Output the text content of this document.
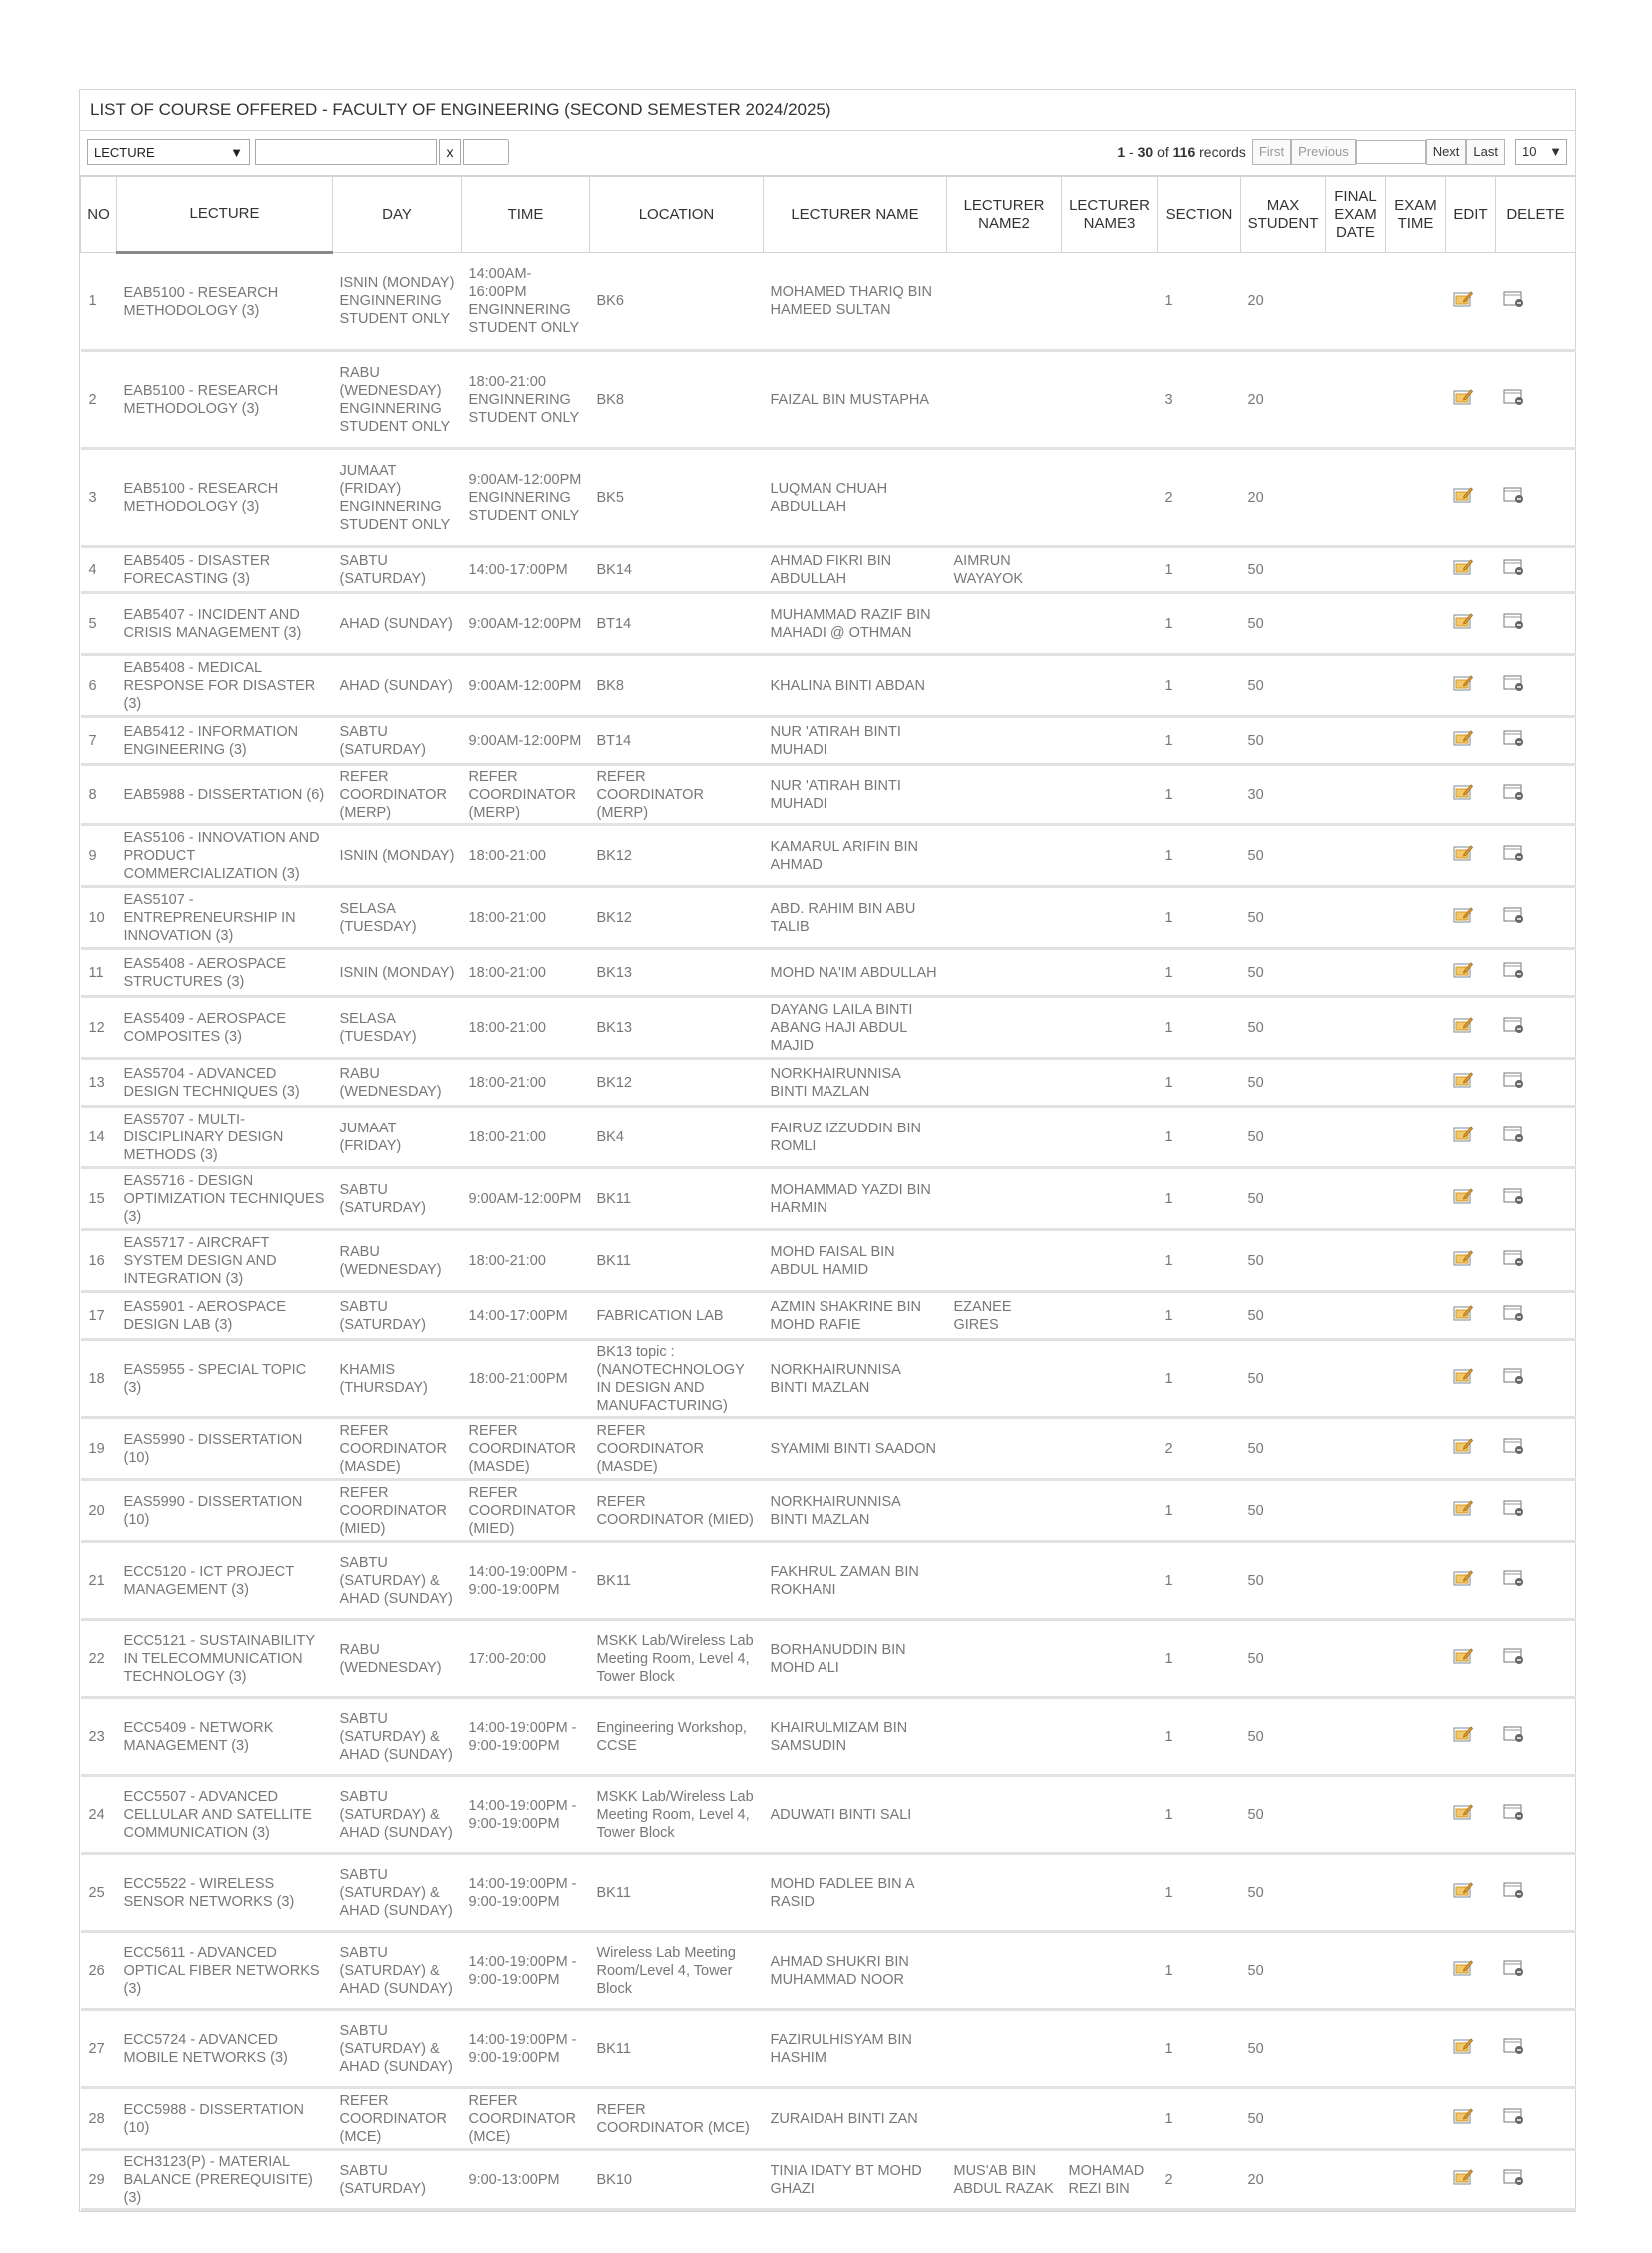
LIST OF COURSE OFFERED - FACULTY OF ENGINEERING (SECOND SEMESTER 2024/2025)
LECTURE	▼	x	1 - 30 of 116 records	First	Previous	Next	Last	10 ▼
NO	LECTURE	DAY	TIME	LOCATION	LECTURER NAME	LECTURER NAME2	LECTURER NAME3	SECTION	MAX STUDENT	FINAL EXAM DATE	EXAM TIME	EDIT	DELETE
1	EAB5100 - RESEARCH METHODOLOGY (3)	ISNIN (MONDAY) ENGINNERING STUDENT ONLY	14:00AM-16:00PM ENGINNERING STUDENT ONLY	BK6	MOHAMED THARIQ BIN HAMEED SULTAN			1	20				
2	EAB5100 - RESEARCH METHODOLOGY (3)	RABU (WEDNESDAY) ENGINNERING STUDENT ONLY	18:00-21:00 ENGINNERING STUDENT ONLY	BK8	FAIZAL BIN MUSTAPHA			3	20				
3	EAB5100 - RESEARCH METHODOLOGY (3)	JUMAAT (FRIDAY) ENGINNERING STUDENT ONLY	9:00AM-12:00PM ENGINNERING STUDENT ONLY	BK5	LUQMAN CHUAH ABDULLAH			2	20				
4	EAB5405 - DISASTER FORECASTING (3)	SABTU (SATURDAY)	14:00-17:00PM	BK14	AHMAD FIKRI BIN ABDULLAH	AIMRUN WAYAYOK		1	50				
5	EAB5407 - INCIDENT AND CRISIS MANAGEMENT (3)	AHAD (SUNDAY)	9:00AM-12:00PM	BT14	MUHAMMAD RAZIF BIN MAHADI @ OTHMAN			1	50				
6	EAB5408 - MEDICAL RESPONSE FOR DISASTER (3)	AHAD (SUNDAY)	9:00AM-12:00PM	BK8	KHALINA BINTI ABDAN			1	50				
7	EAB5412 - INFORMATION ENGINEERING (3)	SABTU (SATURDAY)	9:00AM-12:00PM	BT14	NUR 'ATIRAH BINTI MUHADI			1	50				
8	EAB5988 - DISSERTATION (6)	REFER COORDINATOR (MERP)	REFER COORDINATOR (MERP)	REFER COORDINATOR (MERP)	NUR 'ATIRAH BINTI MUHADI			1	30				
9	EAS5106 - INNOVATION AND PRODUCT COMMERCIALIZATION (3)	ISNIN (MONDAY)	18:00-21:00	BK12	KAMARUL ARIFIN BIN AHMAD			1	50				
10	EAS5107 - ENTREPRENEURSHIP IN INNOVATION (3)	SELASA (TUESDAY)	18:00-21:00	BK12	ABD. RAHIM BIN ABU TALIB			1	50				
11	EAS5408 - AEROSPACE STRUCTURES (3)	ISNIN (MONDAY)	18:00-21:00	BK13	MOHD NA'IM ABDULLAH			1	50				
12	EAS5409 - AEROSPACE COMPOSITES (3)	SELASA (TUESDAY)	18:00-21:00	BK13	DAYANG LAILA BINTI ABANG HAJI ABDUL MAJID			1	50				
13	EAS5704 - ADVANCED DESIGN TECHNIQUES (3)	RABU (WEDNESDAY)	18:00-21:00	BK12	NORKHAIRUNNISA BINTI MAZLAN			1	50				
14	EAS5707 - MULTI-DISCIPLINARY DESIGN METHODS (3)	JUMAAT (FRIDAY)	18:00-21:00	BK4	FAIRUZ IZZUDDIN BIN ROMLI			1	50				
15	EAS5716 - DESIGN OPTIMIZATION TECHNIQUES (3)	SABTU (SATURDAY)	9:00AM-12:00PM	BK11	MOHAMMAD YAZDI BIN HARMIN			1	50				
16	EAS5717 - AIRCRAFT SYSTEM DESIGN AND INTEGRATION (3)	RABU (WEDNESDAY)	18:00-21:00	BK11	MOHD FAISAL BIN ABDUL HAMID			1	50				
17	EAS5901 - AEROSPACE DESIGN LAB (3)	SABTU (SATURDAY)	14:00-17:00PM	FABRICATION LAB	AZMIN SHAKRINE BIN MOHD RAFIE	EZANEE GIRES		1	50				
18	EAS5955 - SPECIAL TOPIC (3)	KHAMIS (THURSDAY)	18:00-21:00PM	BK13 topic : (NANOTECHNOLOGY IN DESIGN AND MANUFACTURING)	NORKHAIRUNNISA BINTI MAZLAN			1	50				
19	EAS5990 - DISSERTATION (10)	REFER COORDINATOR (MASDE)	REFER COORDINATOR (MASDE)	REFER COORDINATOR (MASDE)	SYAMIMI BINTI SAADON			2	50				
20	EAS5990 - DISSERTATION (10)	REFER COORDINATOR (MIED)	REFER COORDINATOR (MIED)	REFER COORDINATOR (MIED)	NORKHAIRUNNISA BINTI MAZLAN			1	50				
21	ECC5120 - ICT PROJECT MANAGEMENT (3)	SABTU (SATURDAY) & AHAD (SUNDAY)	14:00-19:00PM - 9:00-19:00PM	BK11	FAKHRUL ZAMAN BIN ROKHANI			1	50				
22	ECC5121 - SUSTAINABILITY IN TELECOMMUNICATION TECHNOLOGY (3)	RABU (WEDNESDAY)	17:00-20:00	MSKK Lab/Wireless Lab Meeting Room, Level 4, Tower Block	BORHANUDDIN BIN MOHD ALI			1	50				
23	ECC5409 - NETWORK MANAGEMENT (3)	SABTU (SATURDAY) & AHAD (SUNDAY)	14:00-19:00PM - 9:00-19:00PM	Engineering Workshop, CCSE	KHAIRULMIZAM BIN SAMSUDIN			1	50				
24	ECC5507 - ADVANCED CELLULAR AND SATELLITE COMMUNICATION (3)	SABTU (SATURDAY) & AHAD (SUNDAY)	14:00-19:00PM - 9:00-19:00PM	MSKK Lab/Wireless Lab Meeting Room, Level 4, Tower Block	ADUWATI BINTI SALI			1	50				
25	ECC5522 - WIRELESS SENSOR NETWORKS (3)	SABTU (SATURDAY) & AHAD (SUNDAY)	14:00-19:00PM - 9:00-19:00PM	BK11	MOHD FADLEE BIN A RASID			1	50				
26	ECC5611 - ADVANCED OPTICAL FIBER NETWORKS (3)	SABTU (SATURDAY) & AHAD (SUNDAY)	14:00-19:00PM - 9:00-19:00PM	Wireless Lab Meeting Room/Level 4, Tower Block	AHMAD SHUKRI BIN MUHAMMAD NOOR			1	50				
27	ECC5724 - ADVANCED MOBILE NETWORKS (3)	SABTU (SATURDAY) & AHAD (SUNDAY)	14:00-19:00PM - 9:00-19:00PM	BK11	FAZIRULHISYAM BIN HASHIM			1	50				
28	ECC5988 - DISSERTATION (10)	REFER COORDINATOR (MCE)	REFER COORDINATOR (MCE)	REFER COORDINATOR (MCE)	ZURAIDAH BINTI ZAN			1	50				
29	ECH3123(P) - MATERIAL BALANCE (PREREQUISITE) (3)	SABTU (SATURDAY)	9:00-13:00PM	BK10	TINIA IDATY BT MOHD GHAZI	MUS'AB BIN ABDUL RAZAK	MOHAMAD REZI BIN	2	20				
